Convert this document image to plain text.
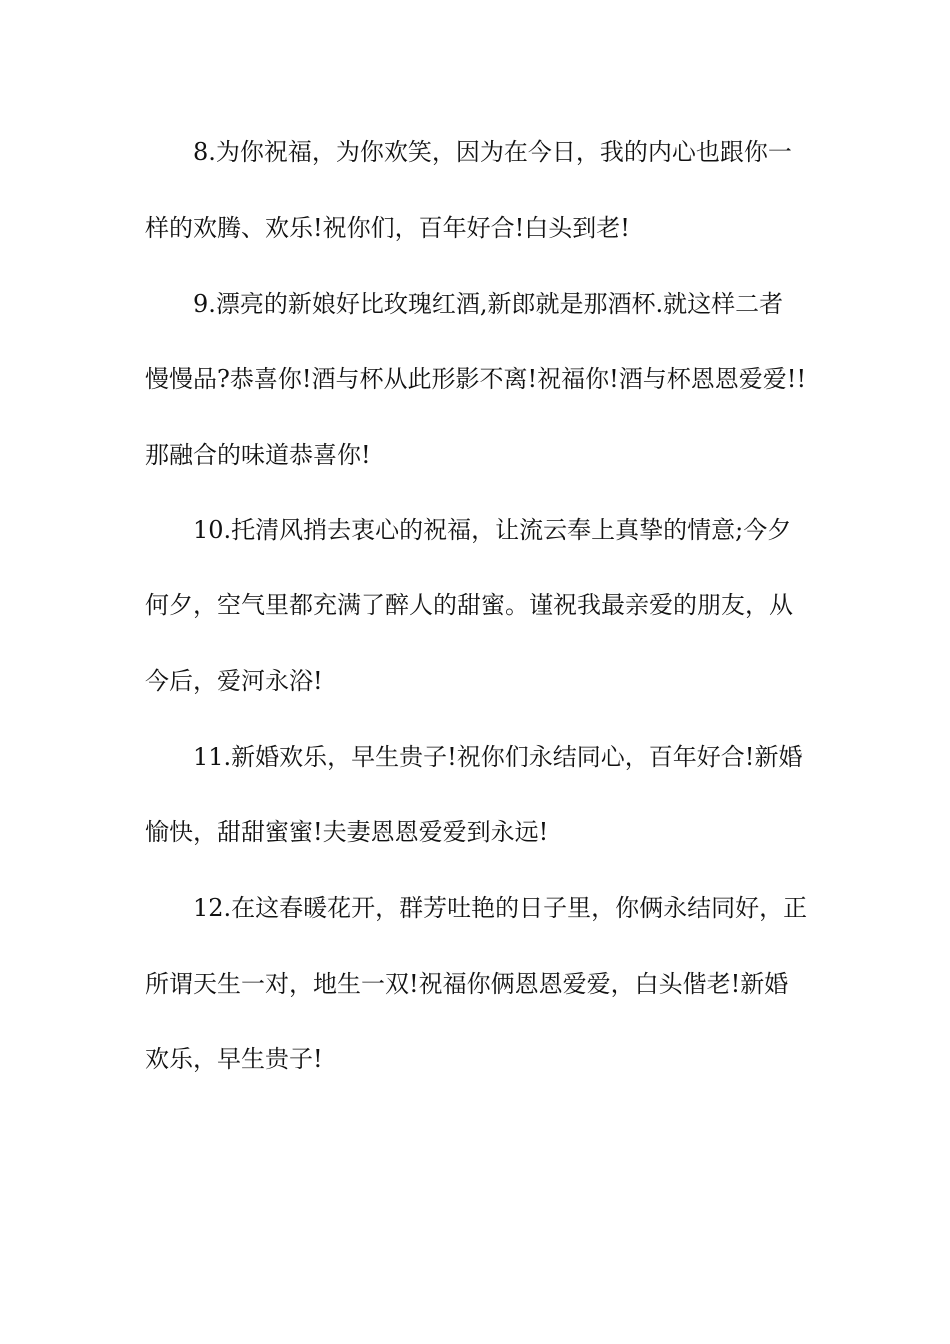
8.为你祝福，为你欢笑，因为在今日，我的内心也跟你一

样的欢腾、欢乐!祝你们，百年好合!白头到老!

9.漂亮的新娘好比玫瑰红酒,新郎就是那酒杯.就这样二者

慢慢品?恭喜你!酒与杯从此形影不离!祝福你!酒与杯恩恩爱爱!!

那融合的味道恭喜你!

10.托清风捎去衷心的祝福，让流云奉上真挚的情意;今夕

何夕，空气里都充满了醉人的甜蜜。谨祝我最亲爱的朋友，从

今后，爱河永浴!

11.新婚欢乐，早生贵子!祝你们永结同心，百年好合!新婚

愉快，甜甜蜜蜜!夫妻恩恩爱爱到永远!

12.在这春暖花开，群芳吐艳的日子里，你俩永结同好，正

所谓天生一对，地生一双!祝福你俩恩恩爱爱，白头偕老!新婚

欢乐，早生贵子!
